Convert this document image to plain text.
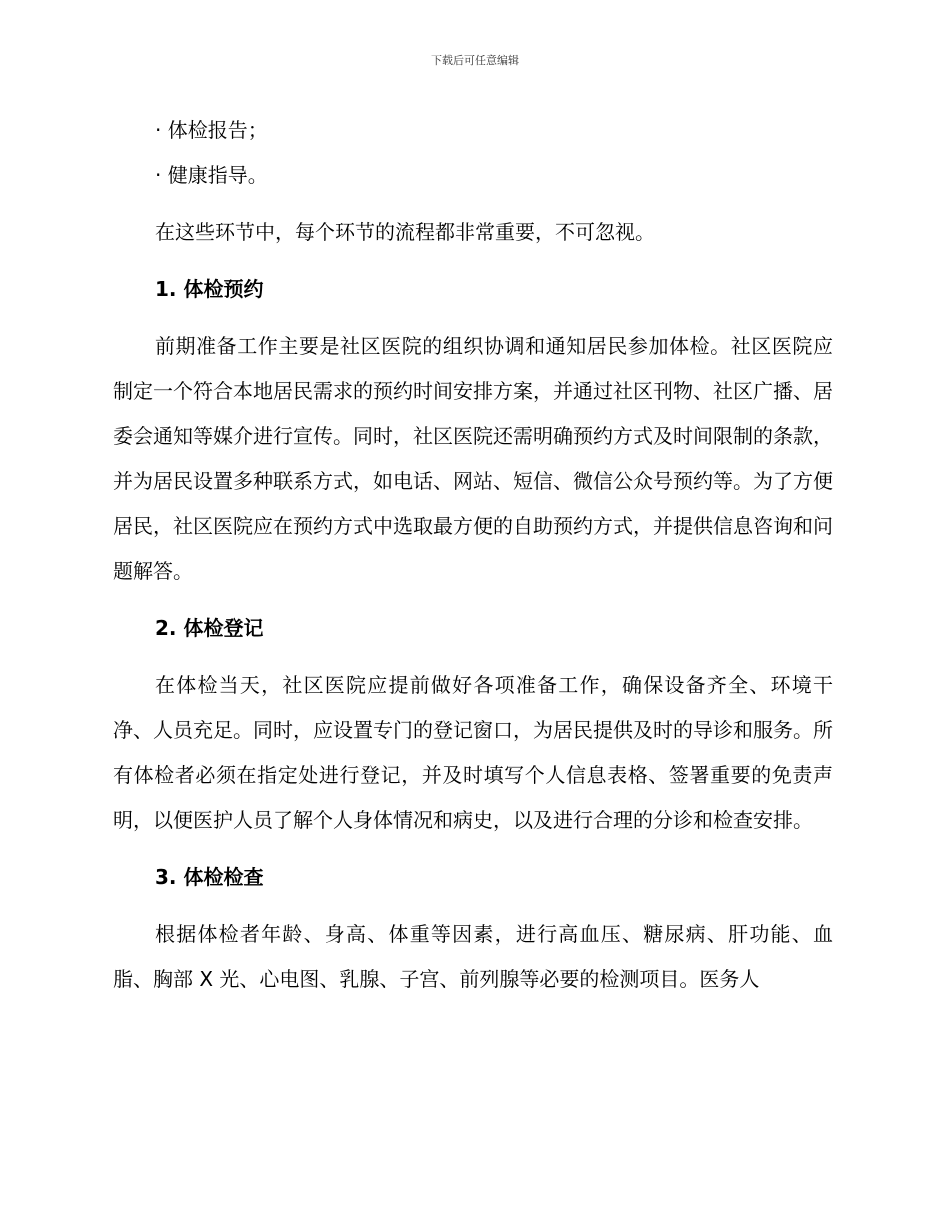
下载后可任意编辑

· 体检报告；

· 健康指导。

在这些环节中，每个环节的流程都非常重要，不可忽视。

1. 体检预约

前期准备工作主要是社区医院的组织协调和通知居民参加体检。社区医院应制定一个符合本地居民需求的预约时间安排方案，并通过社区刊物、社区广播、居委会通知等媒介进行宣传。同时，社区医院还需明确预约方式及时间限制的条款，并为居民设置多种联系方式，如电话、网站、短信、微信公众号预约等。为了方便居民，社区医院应在预约方式中选取最方便的自助预约方式，并提供信息咨询和问题解答。

2. 体检登记

在体检当天，社区医院应提前做好各项准备工作，确保设备齐全、环境干净、人员充足。同时，应设置专门的登记窗口，为居民提供及时的导诊和服务。所有体检者必须在指定处进行登记，并及时填写个人信息表格、签署重要的免责声明，以便医护人员了解个人身体情况和病史，以及进行合理的分诊和检查安排。

3. 体检检查

根据体检者年龄、身高、体重等因素，进行高血压、糖尿病、肝功能、血脂、胸部 X 光、心电图、乳腺、子宫、前列腺等必要的检测项目。医务人
